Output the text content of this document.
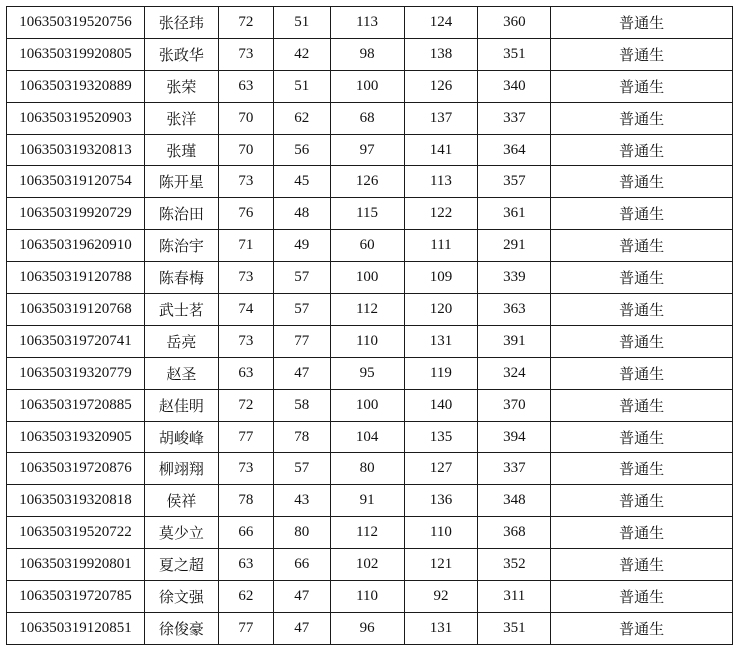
106350319520756	张径玮	72	51	113	124	360	普通生
106350319920805	张政华	73	42	98	138	351	普通生
106350319320889	张荣	63	51	100	126	340	普通生
106350319520903	张洋	70	62	68	137	337	普通生
106350319320813	张瑾	70	56	97	141	364	普通生
106350319120754	陈开星	73	45	126	113	357	普通生
106350319920729	陈治田	76	48	115	122	361	普通生
106350319620910	陈治宇	71	49	60	111	291	普通生
106350319120788	陈春梅	73	57	100	109	339	普通生
106350319120768	武士茗	74	57	112	120	363	普通生
106350319720741	岳亮	73	77	110	131	391	普通生
106350319320779	赵圣	63	47	95	119	324	普通生
106350319720885	赵佳明	72	58	100	140	370	普通生
106350319320905	胡峻峰	77	78	104	135	394	普通生
106350319720876	柳翊翔	73	57	80	127	337	普通生
106350319320818	侯祥	78	43	91	136	348	普通生
106350319520722	莫少立	66	80	112	110	368	普通生
106350319920801	夏之超	63	66	102	121	352	普通生
106350319720785	徐文强	62	47	110	92	311	普通生
106350319120851	徐俊豪	77	47	96	131	351	普通生
